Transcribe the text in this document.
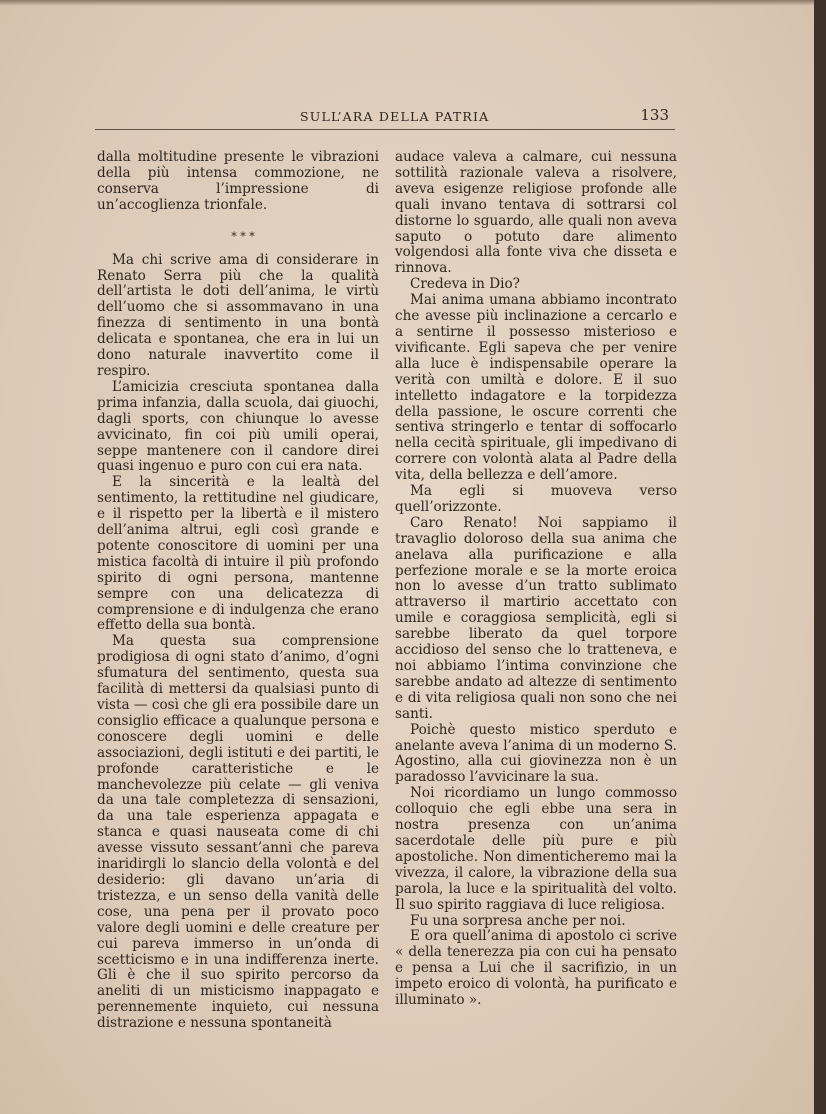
SULL’ARA DELLA PATRIA	133

dalla moltitudine presente le vibrazioni della più intensa commozione, ne conserva l’impressione di un’accoglienza trionfale.

* * *

Ma chi scrive ama di considerare in Renato Serra più che la qualità dell’artista le doti dell’anima, le virtù dell’uomo che si assommavano in una finezza di sentimento in una bontà delicata e spontanea, che era in lui un dono naturale inavvertito come il respiro.

L’amicizia cresciuta spontanea dalla prima infanzia, dalla scuola, dai giuochi, dagli sports, con chiunque lo avesse avvicinato, fin coi più umili operai, seppe mantenere con il candore direi quasi ingenuo e puro con cui era nata.

E la sincerità e la lealtà del sentimento, la rettitudine nel giudicare, e il rispetto per la libertà e il mistero dell’anima altrui, egli così grande e potente conoscitore di uomini per una mistica facoltà di intuire il più profondo spirito di ogni persona, mantenne sempre con una delicatezza di comprensione e di indulgenza che erano effetto della sua bontà.

Ma questa sua comprensione prodigiosa di ogni stato d’animo, d’ogni sfumatura del sentimento, questa sua facilità di mettersi da qualsiasi punto di vista — così che gli era possibile dare un consiglio efficace a qualunque persona e conoscere degli uomini e delle associazioni, degli istituti e dei partiti, le profonde caratteristiche e le manchevolezze più celate — gli veniva da una tale completezza di sensazioni, da una tale esperienza appagata e stanca e quasi nauseata come di chi avesse vissuto sessant’anni che pareva inaridirgli lo slancio della volontà e del desiderio: gli davano un’aria di tristezza, e un senso della vanità delle cose, una pena per il provato poco valore degli uomini e delle creature per cui pareva immerso in un’onda di scetticismo e in una indifferenza inerte. Gli è che il suo spirito percorso da aneliti di un misticismo inappagato e perennemente inquieto, cui nessuna distrazione e nessuna spontaneità

audace valeva a calmare, cui nessuna sottilità razionale valeva a risolvere, aveva esigenze religiose profonde alle quali invano tentava di sottrarsi col distorne lo sguardo, alle quali non aveva saputo o potuto dare alimento volgendosi alla fonte viva che disseta e rinnova.

Credeva in Dio?

Mai anima umana abbiamo incontrato che avesse più inclinazione a cercarlo e a sentirne il possesso misterioso e vivificante. Egli sapeva che per venire alla luce è indispensabile operare la verità con umiltà e dolore. E il suo intelletto indagatore e la torpidezza della passione, le oscure correnti che sentiva stringerlo e tentar di soffocarlo nella cecità spirituale, gli impedivano di correre con volontà alata al Padre della vita, della bellezza e dell’amore.

Ma egli si muoveva verso quell’orizzonte.

Caro Renato! Noi sappiamo il travaglio doloroso della sua anima che anelava alla purificazione e alla perfezione morale e se la morte eroica non lo avesse d’un tratto sublimato attraverso il martirio accettato con umile e coraggiosa semplicità, egli si sarebbe liberato da quel torpore accidioso del senso che lo tratteneva, e noi abbiamo l’intima convinzione che sarebbe andato ad altezze di sentimento e di vita religiosa quali non sono che nei santi.

Poichè questo mistico sperduto e anelante aveva l’anima di un moderno S. Agostino, alla cui giovinezza non è un paradosso l’avvicinare la sua.

Noi ricordiamo un lungo commosso colloquio che egli ebbe una sera in nostra presenza con un’anima sacerdotale delle più pure e più apostoliche. Non dimenticheremo mai la vivezza, il calore, la vibrazione della sua parola, la luce e la spiritualità del volto. Il suo spirito raggiava di luce religiosa.

Fu una sorpresa anche per noi.

E ora quell’anima di apostolo ci scrive « della tenerezza pia con cui ha pensato e pensa a Lui che il sacrifizio, in un impeto eroico di volontà, ha purificato e illuminato ».
